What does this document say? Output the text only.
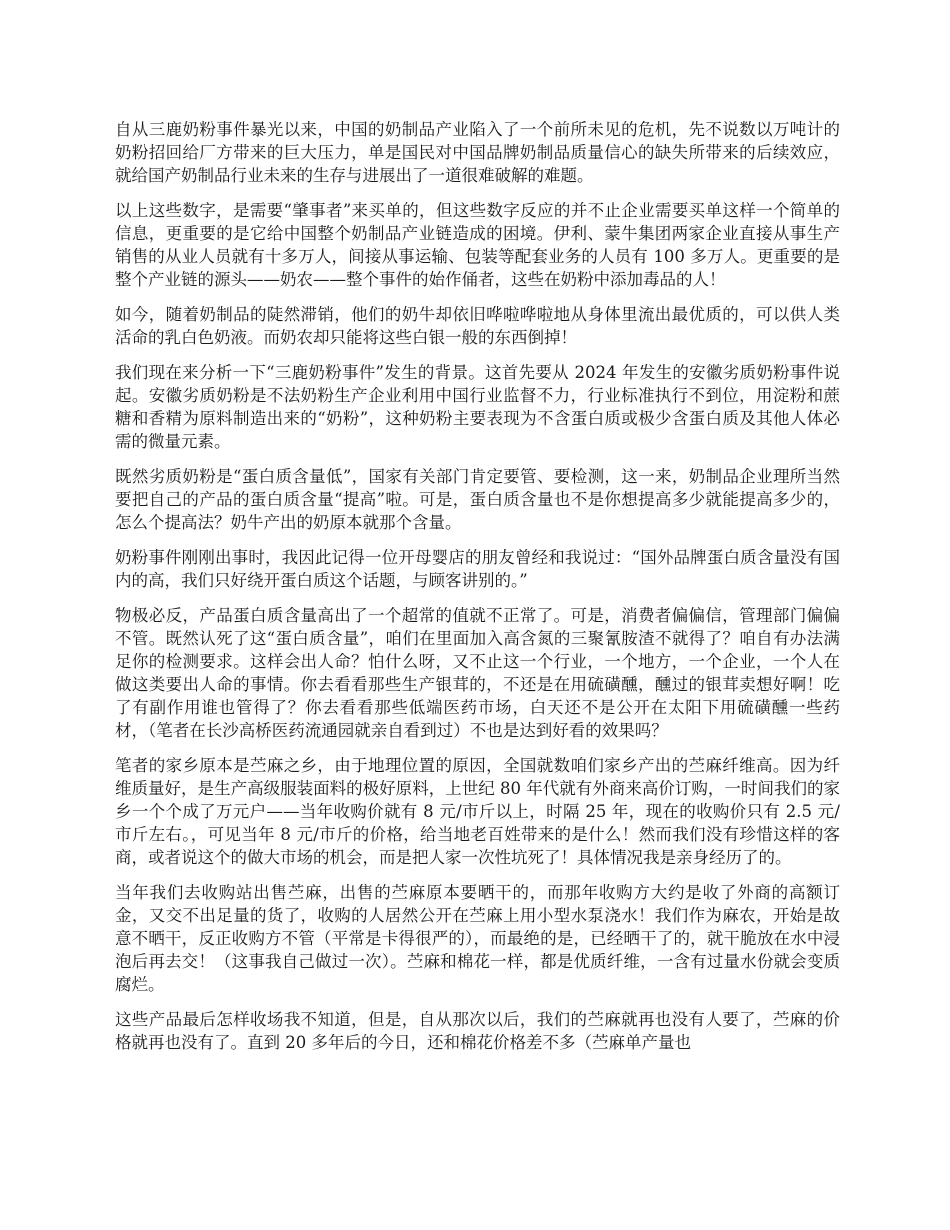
自从三鹿奶粉事件暴光以来，中国的奶制品产业陷入了一个前所未见的危机，先不说数以万吨计的奶粉招回给厂方带来的巨大压力，单是国民对中国品牌奶制品质量信心的缺失所带来的后续效应，就给国产奶制品行业未来的生存与进展出了一道很难破解的难题。

以上这些数字，是需要“肇事者”来买单的，但这些数字反应的并不止企业需要买单这样一个简单的信息，更重要的是它给中国整个奶制品产业链造成的困境。伊利、蒙牛集团两家企业直接从事生产销售的从业人员就有十多万人，间接从事运输、包装等配套业务的人员有 100 多万人。更重要的是整个产业链的源头——奶农——整个事件的始作俑者，这些在奶粉中添加毒品的人！

如今，随着奶制品的陡然滞销，他们的奶牛却依旧哗啦哗啦地从身体里流出最优质的，可以供人类活命的乳白色奶液。而奶农却只能将这些白银一般的东西倒掉！

我们现在来分析一下“三鹿奶粉事件”发生的背景。这首先要从 2024 年发生的安徽劣质奶粉事件说起。安徽劣质奶粉是不法奶粉生产企业利用中国行业监督不力，行业标准执行不到位，用淀粉和蔗糖和香精为原料制造出来的“奶粉”，这种奶粉主要表现为不含蛋白质或极少含蛋白质及其他人体必需的微量元素。

既然劣质奶粉是“蛋白质含量低”，国家有关部门肯定要管、要检测，这一来，奶制品企业理所当然要把自己的产品的蛋白质含量“提高”啦。可是，蛋白质含量也不是你想提高多少就能提高多少的，怎么个提高法？奶牛产出的奶原本就那个含量。

奶粉事件刚刚出事时，我因此记得一位开母婴店的朋友曾经和我说过：“国外品牌蛋白质含量没有国内的高，我们只好绕开蛋白质这个话题，与顾客讲别的。”

物极必反，产品蛋白质含量高出了一个超常的值就不正常了。可是，消费者偏偏信，管理部门偏偏不管。既然认死了这“蛋白质含量”，咱们在里面加入高含氮的三聚氰胺渣不就得了？咱自有办法满足你的检测要求。这样会出人命？怕什么呀，又不止这一个行业，一个地方，一个企业，一个人在做这类要出人命的事情。你去看看那些生产银茸的，不还是在用硫磺醺，醺过的银茸卖想好啊！吃了有副作用谁也管得了？你去看看那些低端医药市场，白天还不是公开在太阳下用硫磺醺一些药材，（笔者在长沙高桥医药流通园就亲自看到过）不也是达到好看的效果吗？

笔者的家乡原本是苎麻之乡，由于地理位置的原因，全国就数咱们家乡产出的苎麻纤维高。因为纤维质量好，是生产高级服装面料的极好原料，上世纪 80 年代就有外商来高价订购，一时间我们的家乡一个个成了万元户——当年收购价就有 8 元/市斤以上，时隔 25 年，现在的收购价只有 2.5 元/市斤左右。，可见当年 8 元/市斤的价格，给当地老百姓带来的是什么！然而我们没有珍惜这样的客商，或者说这个的做大市场的机会，而是把人家一次性坑死了！具体情况我是亲身经历了的。

当年我们去收购站出售苎麻，出售的苎麻原本要晒干的，而那年收购方大约是收了外商的高额订金，又交不出足量的货了，收购的人居然公开在苎麻上用小型水泵浇水！我们作为麻农，开始是故意不晒干，反正收购方不管（平常是卡得很严的），而最绝的是，已经晒干了的，就干脆放在水中浸泡后再去交！（这事我自己做过一次）。苎麻和棉花一样，都是优质纤维，一含有过量水份就会变质腐烂。

这些产品最后怎样收场我不知道，但是，自从那次以后，我们的苎麻就再也没有人要了，苎麻的价格就再也没有了。直到 20 多年后的今日，还和棉花价格差不多（苎麻单产量也
